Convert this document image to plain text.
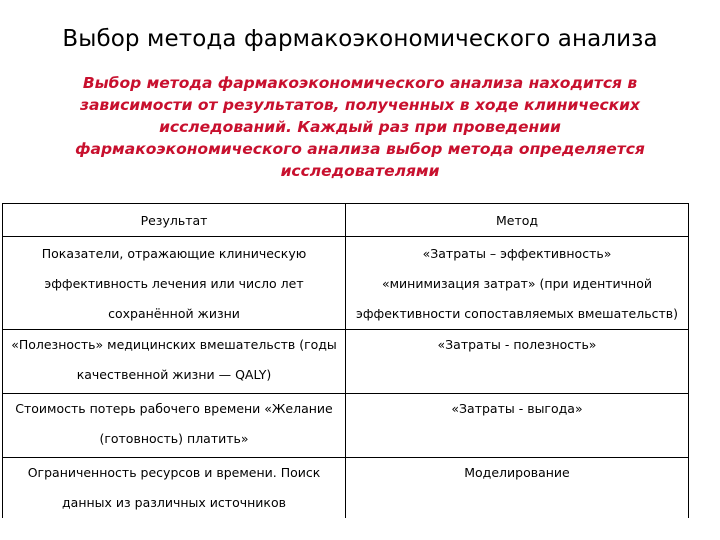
Выбор метода фармакоэкономического анализа
Выбор метода фармакоэкономического анализа находится в
зависимости от результатов, полученных в ходе клинических
исследований. Каждый раз при проведении
фармакоэкономического анализа выбор метода определяется
исследователями
Результат	Метод

Показатели, отражающие клиническую
эффективность лечения или число лет
сохранённой жизни	«Затраты – эффективность»
«минимизация затрат» (при идентичной
эффективности сопоставляемых вмешательств)

«Полезность» медицинских вмешательств (годы
качественной жизни — QALY)	«Затраты - полезность»

Стоимость потерь рабочего времени «Желание
(готовность) платить»	«Затраты - выгода»

Ограниченность ресурсов и времени. Поиск
данных из различных источников	Моделирование
